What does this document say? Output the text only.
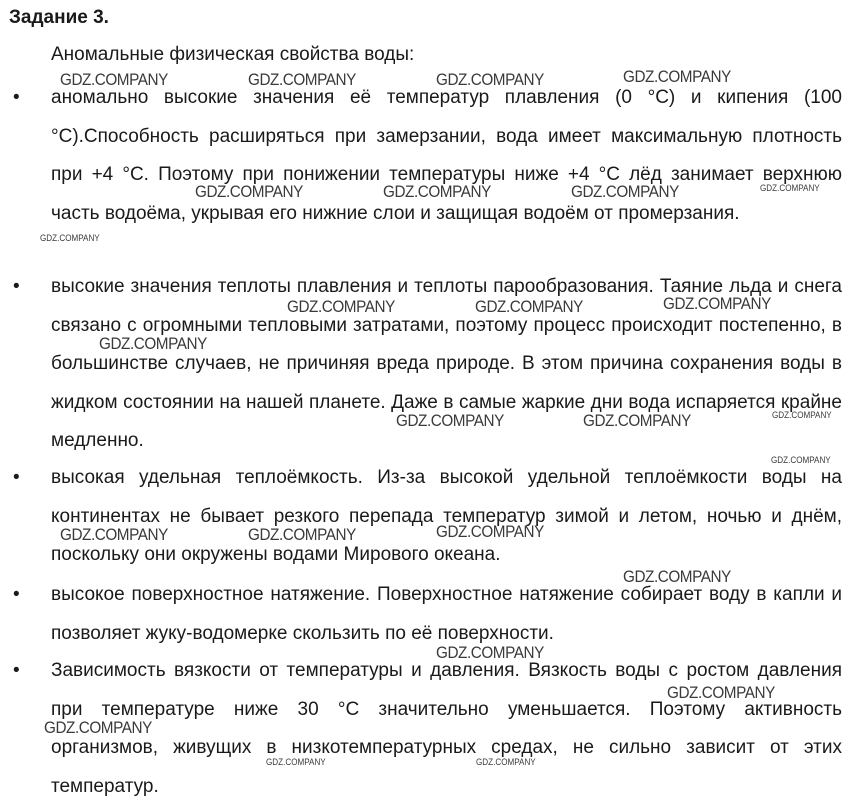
Задание 3.
Аномальные физическая свойства воды:
• аномально высокие значения её температур плавления (0 °C) и кипения (100 °C).Способность расширяться при замерзании, вода имеет максимальную плотность при +4 °C. Поэтому при понижении температуры ниже +4 °C лёд занимает верхнюю часть водоёма, укрывая его нижние слои и защищая водоём от промерзания.
• высокие значения теплоты плавления и теплоты парообразования. Таяние льда и снега связано с огромными тепловыми затратами, поэтому процесс происходит постепенно, в большинстве случаев, не причиняя вреда природе. В этом причина сохранения воды в жидком состоянии на нашей планете. Даже в самые жаркие дни вода испаряется крайне медленно.
• высокая удельная теплоёмкость. Из-за высокой удельной теплоёмкости воды на континентах не бывает резкого перепада температур зимой и летом, ночью и днём, поскольку они окружены водами Мирового океана.
• высокое поверхностное натяжение. Поверхностное натяжение собирает воду в капли и позволяет жуку-водомерке скользить по её поверхности.
• Зависимость вязкости от температуры и давления. Вязкость воды с ростом давления при температуре ниже 30 °C значительно уменьшается. Поэтому активность организмов, живущих в низкотемпературных средах, не сильно зависит от этих температур.
GDZ.COMPANY	GDZ.COMPANY	GDZ.COMPANY	GDZ.COMPANY
GDZ.COMPANY	GDZ.COMPANY	GDZ.COMPANY	GDZ.COMPANY
GDZ.COMPANY
GDZ.COMPANY	GDZ.COMPANY	GDZ.COMPANY
GDZ.COMPANY
GDZ.COMPANY	GDZ.COMPANY	GDZ.COMPANY
GDZ.COMPANY
GDZ.COMPANY	GDZ.COMPANY	GDZ.COMPANY
GDZ.COMPANY
GDZ.COMPANY
GDZ.COMPANY
GDZ.COMPANY
GDZ.COMPANY	GDZ.COMPANY
